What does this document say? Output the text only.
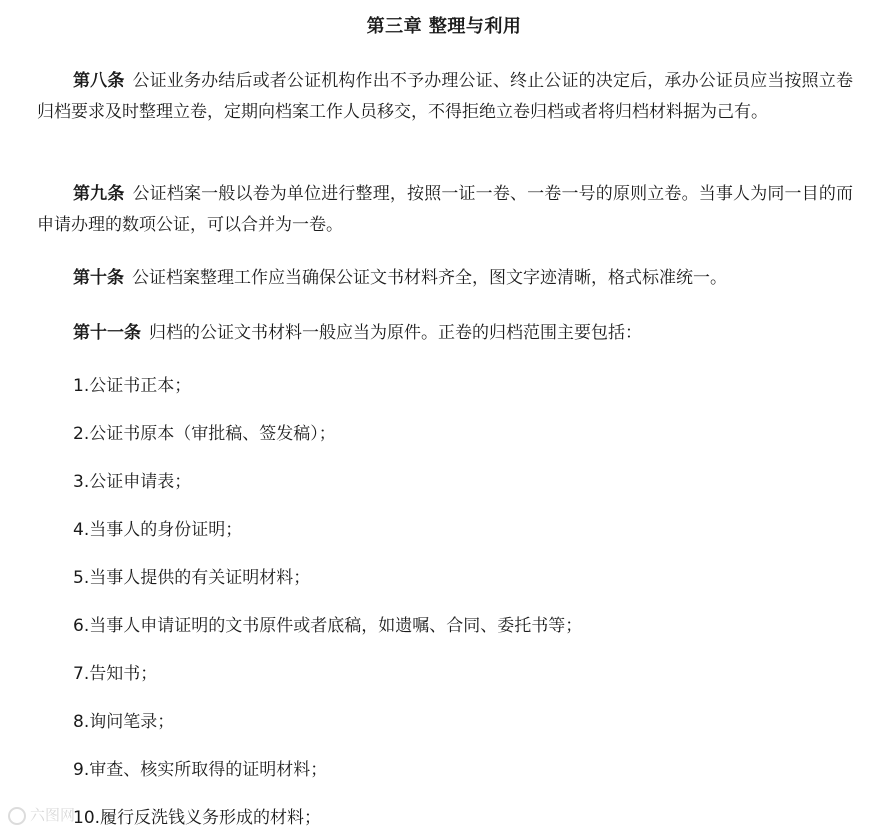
第三章 整理与利用

第八条 公证业务办结后或者公证机构作出不予办理公证、终止公证的决定后，承办公证员应当按照立卷归档要求及时整理立卷，定期向档案工作人员移交，不得拒绝立卷归档或者将归档材料据为己有。

第九条 公证档案一般以卷为单位进行整理，按照一证一卷、一卷一号的原则立卷。当事人为同一目的而申请办理的数项公证，可以合并为一卷。

第十条 公证档案整理工作应当确保公证文书材料齐全，图文字迹清晰，格式标准统一。

第十一条 归档的公证文书材料一般应当为原件。正卷的归档范围主要包括：

1.公证书正本；
2.公证书原本（审批稿、签发稿）；
3.公证申请表；
4.当事人的身份证明；
5.当事人提供的有关证明材料；
6.当事人申请证明的文书原件或者底稿，如遗嘱、合同、委托书等；
7.告知书；
8.询问笔录；
9.审查、核实所取得的证明材料；
10.履行反洗钱义务形成的材料；
六图网
